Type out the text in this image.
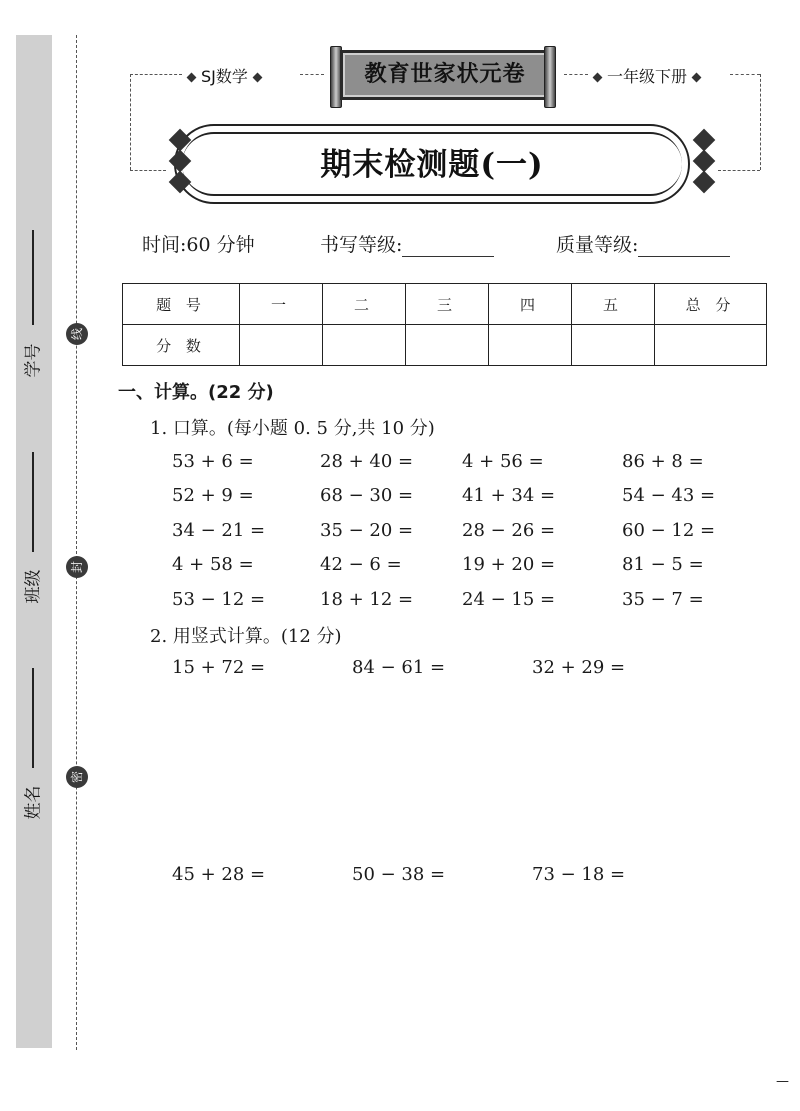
学号
班级
姓名
线
封
密
SJ数学	教育世家状元卷	一年级下册
期末检测题(一)
时间:60 分钟	书写等级:	质量等级:
题 号	一	二	三	四	五	总 分
分 数						
一、计算。(22 分)
1. 口算。(每小题 0. 5 分,共 10 分)
53 + 6 =	28 + 40 =	4 + 56 =	86 + 8 =
52 + 9 =	68 − 30 =	41 + 34 =	54 − 43 =
34 − 21 =	35 − 20 =	28 − 26 =	60 − 12 =
4 + 58 =	42 − 6 =	19 + 20 =	81 − 5 =
53 − 12 =	18 + 12 =	24 − 15 =	35 − 7 =
2. 用竖式计算。(12 分)
15 + 72 =	84 − 61 =	32 + 29 =
45 + 28 =	50 − 38 =	73 − 18 =
—
